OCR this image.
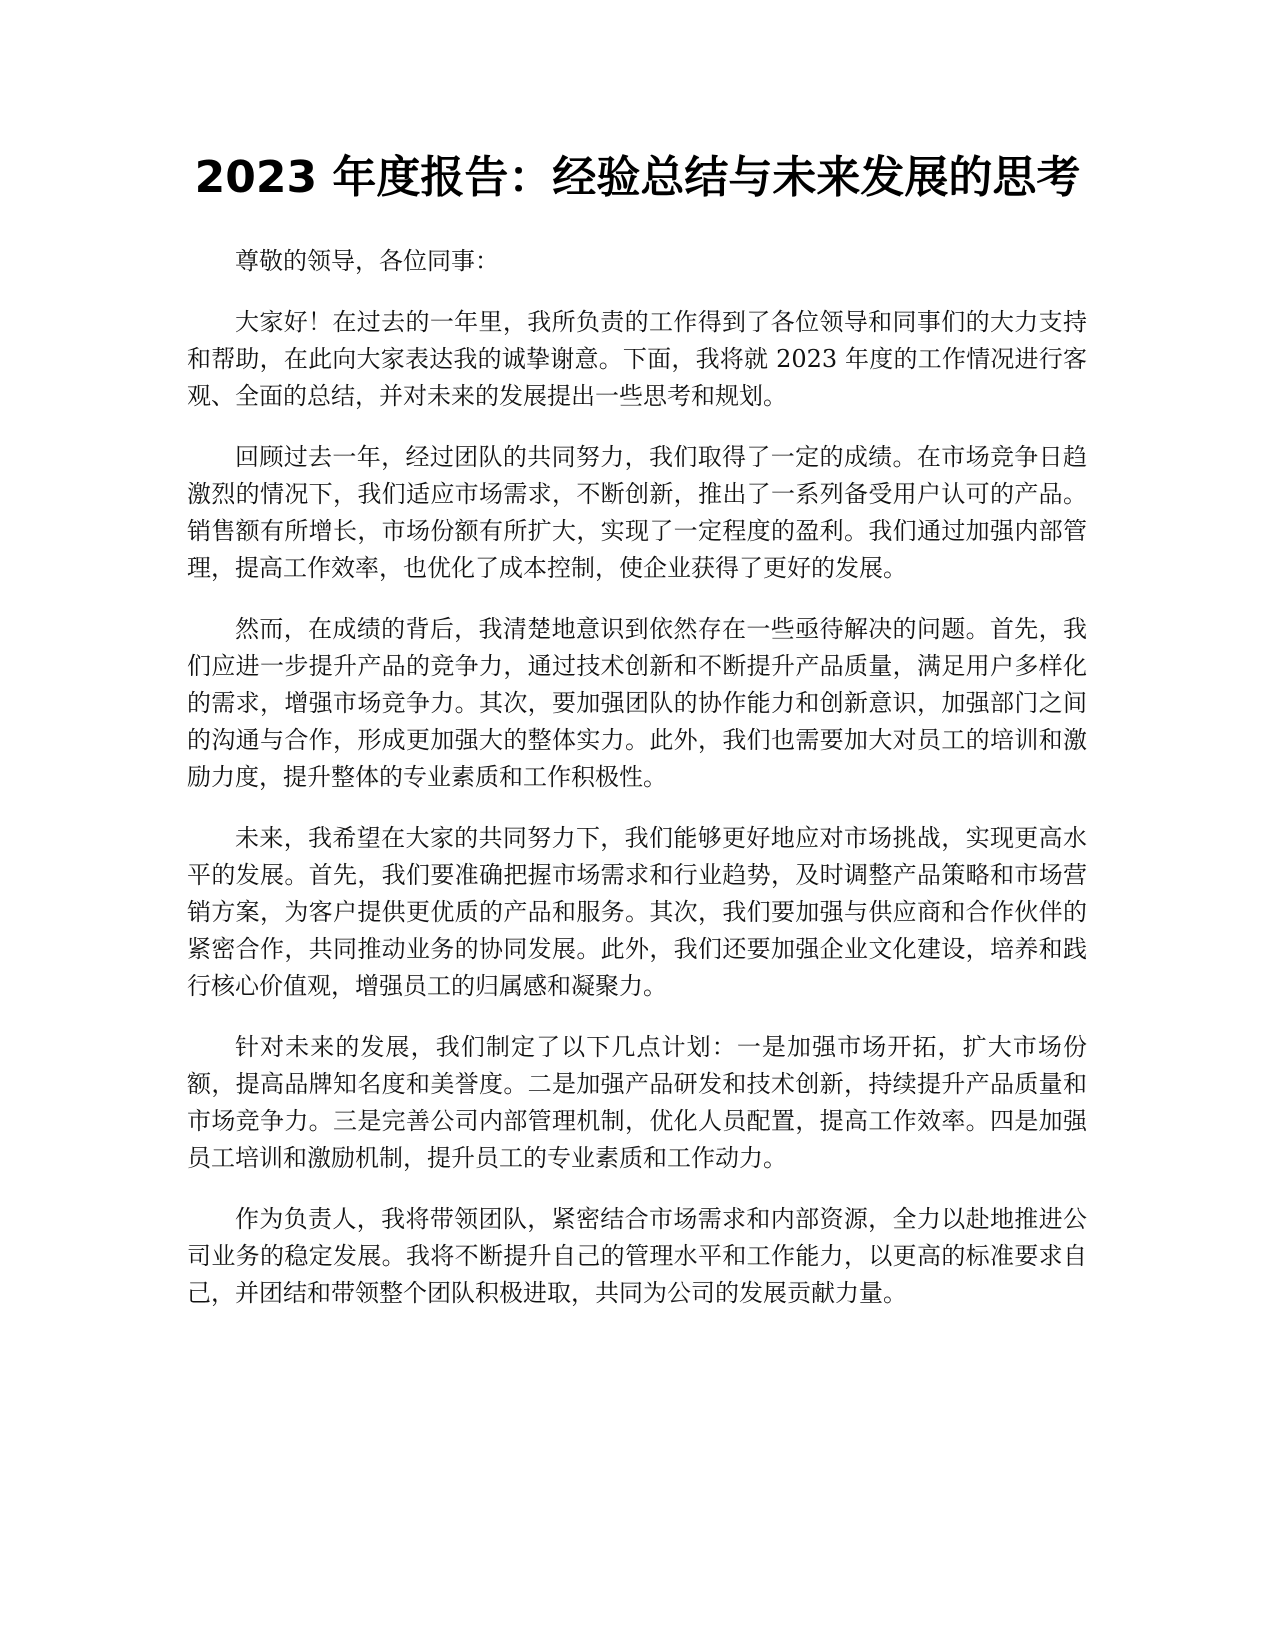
2023 年度报告：经验总结与未来发展的思考

尊敬的领导，各位同事：

大家好！在过去的一年里，我所负责的工作得到了各位领导和同事们的大力支持和帮助，在此向大家表达我的诚挚谢意。下面，我将就 2023 年度的工作情况进行客观、全面的总结，并对未来的发展提出一些思考和规划。

回顾过去一年，经过团队的共同努力，我们取得了一定的成绩。在市场竞争日趋激烈的情况下，我们适应市场需求，不断创新，推出了一系列备受用户认可的产品。销售额有所增长，市场份额有所扩大，实现了一定程度的盈利。我们通过加强内部管理，提高工作效率，也优化了成本控制，使企业获得了更好的发展。

然而，在成绩的背后，我清楚地意识到依然存在一些亟待解决的问题。首先，我们应进一步提升产品的竞争力，通过技术创新和不断提升产品质量，满足用户多样化的需求，增强市场竞争力。其次，要加强团队的协作能力和创新意识，加强部门之间的沟通与合作，形成更加强大的整体实力。此外，我们也需要加大对员工的培训和激励力度，提升整体的专业素质和工作积极性。

未来，我希望在大家的共同努力下，我们能够更好地应对市场挑战，实现更高水平的发展。首先，我们要准确把握市场需求和行业趋势，及时调整产品策略和市场营销方案，为客户提供更优质的产品和服务。其次，我们要加强与供应商和合作伙伴的紧密合作，共同推动业务的协同发展。此外，我们还要加强企业文化建设，培养和践行核心价值观，增强员工的归属感和凝聚力。

针对未来的发展，我们制定了以下几点计划：一是加强市场开拓，扩大市场份额，提高品牌知名度和美誉度。二是加强产品研发和技术创新，持续提升产品质量和市场竞争力。三是完善公司内部管理机制，优化人员配置，提高工作效率。四是加强员工培训和激励机制，提升员工的专业素质和工作动力。

作为负责人，我将带领团队，紧密结合市场需求和内部资源，全力以赴地推进公司业务的稳定发展。我将不断提升自己的管理水平和工作能力，以更高的标准要求自己，并团结和带领整个团队积极进取，共同为公司的发展贡献力量。
